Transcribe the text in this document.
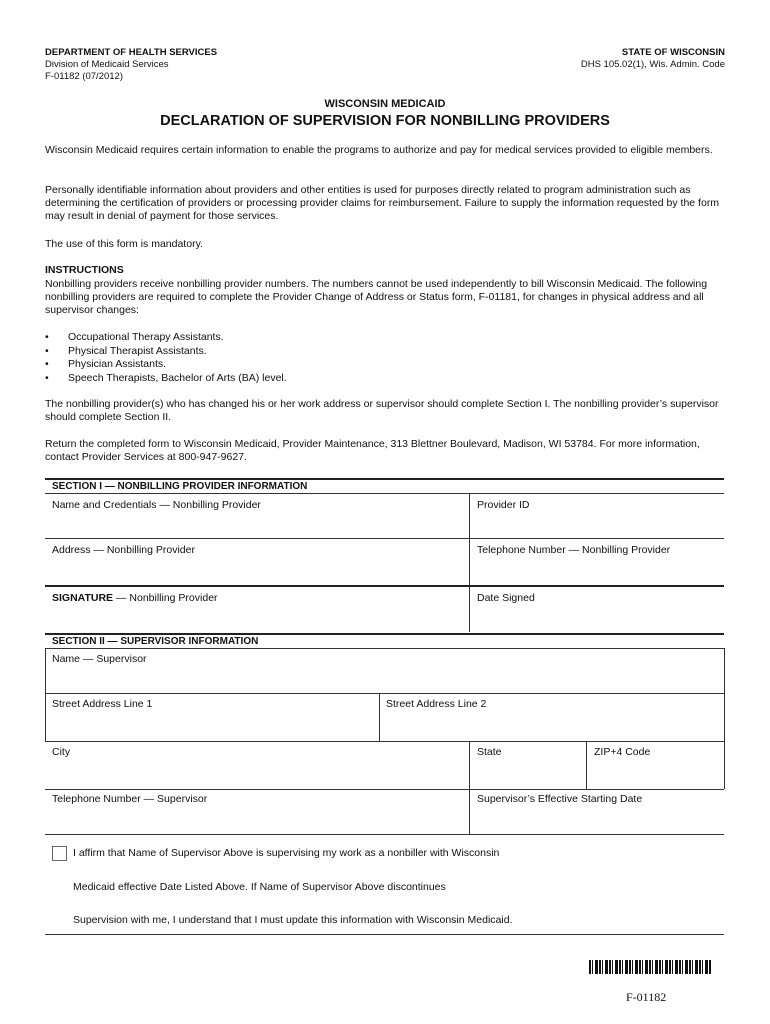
DEPARTMENT OF HEALTH SERVICES
Division of Medicaid Services
F-01182 (07/2012)
STATE OF WISCONSIN
DHS 105.02(1), Wis. Admin. Code
WISCONSIN MEDICAID
DECLARATION OF SUPERVISION FOR NONBILLING PROVIDERS
Wisconsin Medicaid requires certain information to enable the programs to authorize and pay for medical services provided to eligible members.
Personally identifiable information about providers and other entities is used for purposes directly related to program administration such as determining the certification of providers or processing provider claims for reimbursement. Failure to supply the information requested by the form may result in denial of payment for those services.
The use of this form is mandatory.
INSTRUCTIONS
Nonbilling providers receive nonbilling provider numbers. The numbers cannot be used independently to bill Wisconsin Medicaid. The following nonbilling providers are required to complete the Provider Change of Address or Status form, F-01181, for changes in physical address and all supervisor changes:
• Occupational Therapy Assistants.
• Physical Therapist Assistants.
• Physician Assistants.
• Speech Therapists, Bachelor of Arts (BA) level.
The nonbilling provider(s) who has changed his or her work address or supervisor should complete Section I. The nonbilling provider’s supervisor should complete Section II.
Return the completed form to Wisconsin Medicaid, Provider Maintenance, 313 Blettner Boulevard, Madison, WI 53784. For more information, contact Provider Services at 800-947-9627.
SECTION I — NONBILLING PROVIDER INFORMATION
Name and Credentials — Nonbilling Provider	Provider ID
Address — Nonbilling Provider	Telephone Number — Nonbilling Provider
SIGNATURE — Nonbilling Provider	Date Signed
SECTION II — SUPERVISOR INFORMATION
Name — Supervisor
Street Address Line 1	Street Address Line 2
City	State	ZIP+4 Code
Telephone Number — Supervisor	Supervisor’s Effective Starting Date
I affirm that Name of Supervisor Above is supervising my work as a nonbiller with Wisconsin
Medicaid effective Date Listed Above. If Name of Supervisor Above discontinues
Supervision with me, I understand that I must update this information with Wisconsin Medicaid.
F-01182
